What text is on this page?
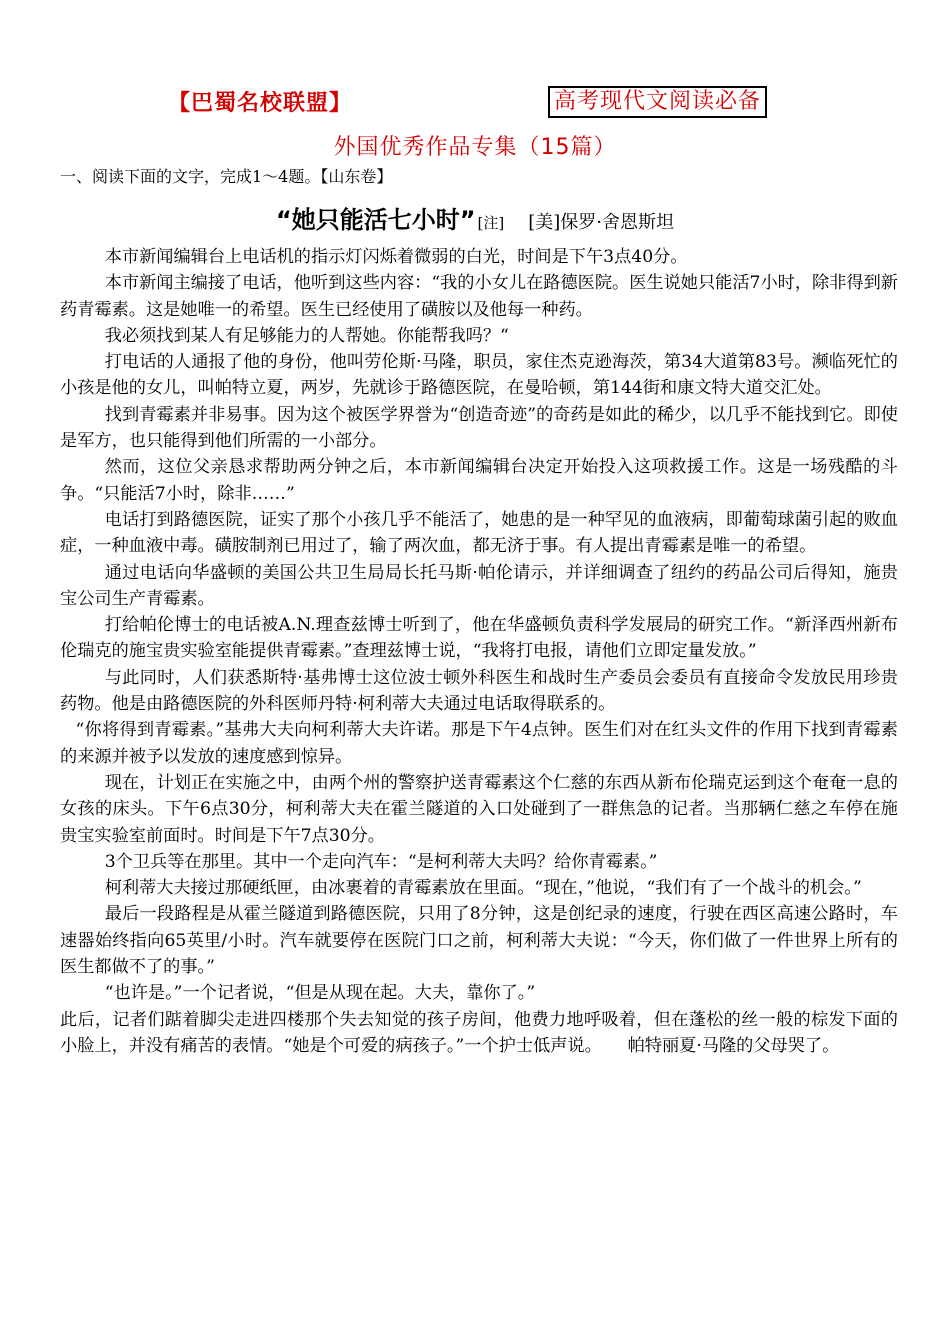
【巴蜀名校联盟】	高考现代文阅读必备
外国优秀作品专集（15篇）
一、阅读下面的文字，完成1～4题。【山东卷】
“她只能活七小时” [注] [美]保罗·舍恩斯坦

本市新闻编辑台上电话机的指示灯闪烁着微弱的白光，时间是下午3点40分。

本市新闻主编接了电话，他听到这些内容：“我的小女儿在路德医院。医生说她只能活7小时，除非得到新药青霉素。这是她唯一的希望。医生已经使用了磺胺以及他每一种药。

我必须找到某人有足够能力的人帮她。你能帮我吗？“

打电话的人通报了他的身份，他叫劳伦斯·马隆，职员，家住杰克逊海茨，第34大道第83号。濒临死忙的小孩是他的女儿，叫帕特立夏，两岁，先就诊于路德医院，在曼哈顿，第144街和康文特大道交汇处。

找到青霉素并非易事。因为这个被医学界誉为“创造奇迹”的奇药是如此的稀少，以几乎不能找到它。即使是军方，也只能得到他们所需的一小部分。

然而，这位父亲恳求帮助两分钟之后，本市新闻编辑台决定开始投入这项救援工作。这是一场残酷的斗争。“只能活7小时，除非……”

电话打到路德医院，证实了那个小孩几乎不能活了，她患的是一种罕见的血液病，即葡萄球菌引起的败血症，一种血液中毒。磺胺制剂已用过了，输了两次血，都无济于事。有人提出青霉素是唯一的希望。

通过电话向华盛顿的美国公共卫生局局长托马斯·帕伦请示，并详细调查了纽约的药品公司后得知，施贵宝公司生产青霉素。

打给帕伦博士的电话被A.N.理查兹博士听到了，他在华盛顿负责科学发展局的研究工作。“新泽西州新布伦瑞克的施宝贵实验室能提供青霉素。”查理兹博士说，“我将打电报，请他们立即定量发放。”

与此同时，人们获悉斯特·基弗博士这位波士顿外科医生和战时生产委员会委员有直接命令发放民用珍贵药物。他是由路德医院的外科医师丹特·柯利蒂大夫通过电话取得联系的。

“你将得到青霉素。”基弗大夫向柯利蒂大夫许诺。那是下午4点钟。医生们对在红头文件的作用下找到青霉素的来源并被予以发放的速度感到惊异。

现在，计划正在实施之中，由两个州的警察护送青霉素这个仁慈的东西从新布伦瑞克运到这个奄奄一息的女孩的床头。下午6点30分，柯利蒂大夫在霍兰隧道的入口处碰到了一群焦急的记者。当那辆仁慈之车停在施贵宝实验室前面时。时间是下午7点30分。

3个卫兵等在那里。其中一个走向汽车：“是柯利蒂大夫吗？给你青霉素。”

柯利蒂大夫接过那硬纸匣，由冰裹着的青霉素放在里面。“现在，”他说，“我们有了一个战斗的机会。”

最后一段路程是从霍兰隧道到路德医院，只用了8分钟，这是创纪录的速度，行驶在西区高速公路时，车速器始终指向65英里/小时。汽车就要停在医院门口之前，柯利蒂大夫说：“今天，你们做了一件世界上所有的医生都做不了的事。”

“也许是。”一个记者说，“但是从现在起。大夫，靠你了。”

此后，记者们踮着脚尖走进四楼那个失去知觉的孩子房间，他费力地呼吸着，但在蓬松的丝一般的棕发下面的小脸上，并没有痛苦的表情。“她是个可爱的病孩子。”一个护士低声说。　　帕特丽夏·马隆的父母哭了。
